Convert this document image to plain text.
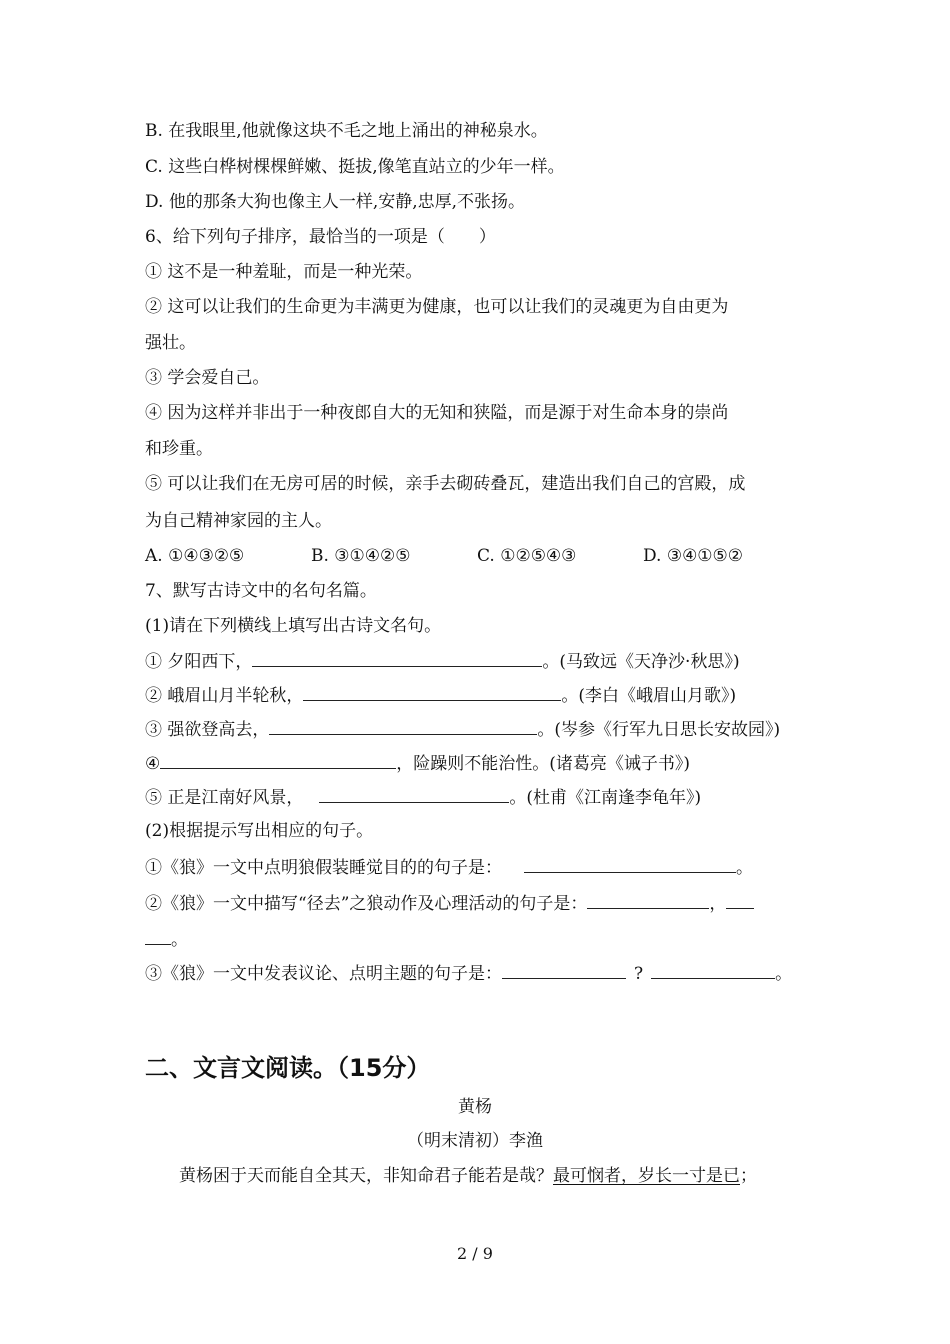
B. 在我眼里,他就像这块不毛之地上涌出的神秘泉水。
C. 这些白桦树棵棵鲜嫩、挺拔,像笔直站立的少年一样。
D. 他的那条大狗也像主人一样,安静,忠厚,不张扬。
6、给下列句子排序，最恰当的一项是（　　）
① 这不是一种羞耻，而是一种光荣。
② 这可以让我们的生命更为丰满更为健康，也可以让我们的灵魂更为自由更为
强壮。
③ 学会爱自己。
④ 因为这样并非出于一种夜郎自大的无知和狭隘，而是源于对生命本身的崇尚
和珍重。
⑤ 可以让我们在无房可居的时候，亲手去砌砖叠瓦，建造出我们自己的宫殿，成
为自己精神家园的主人。
A. ①④③②⑤	B. ③①④②⑤	C. ①②⑤④③	D. ③④①⑤②
7、默写古诗文中的名句名篇。
(1)请在下列横线上填写出古诗文名句。
① 夕阳西下，	。(马致远《天净沙·秋思》)
② 峨眉山月半轮秋，	。(李白《峨眉山月歌》)
③ 强欲登高去，	。(岑参《行军九日思长安故园》)
④	，险躁则不能治性。(诸葛亮《诫子书》)
⑤ 正是江南好风景，	。(杜甫《江南逢李龟年》)
(2)根据提示写出相应的句子。
①《狼》一文中点明狼假装睡觉目的的句子是：	。
②《狼》一文中描写“径去”之狼动作及心理活动的句子是：	，
。
③《狼》一文中发表议论、点明主题的句子是：	?	。
二、文言文阅读。（15分）
黄杨
（明末清初）李渔
黄杨困于天而能自全其天，非知命君子能若是哉？最可悯者，岁长一寸是已；
2 / 9
